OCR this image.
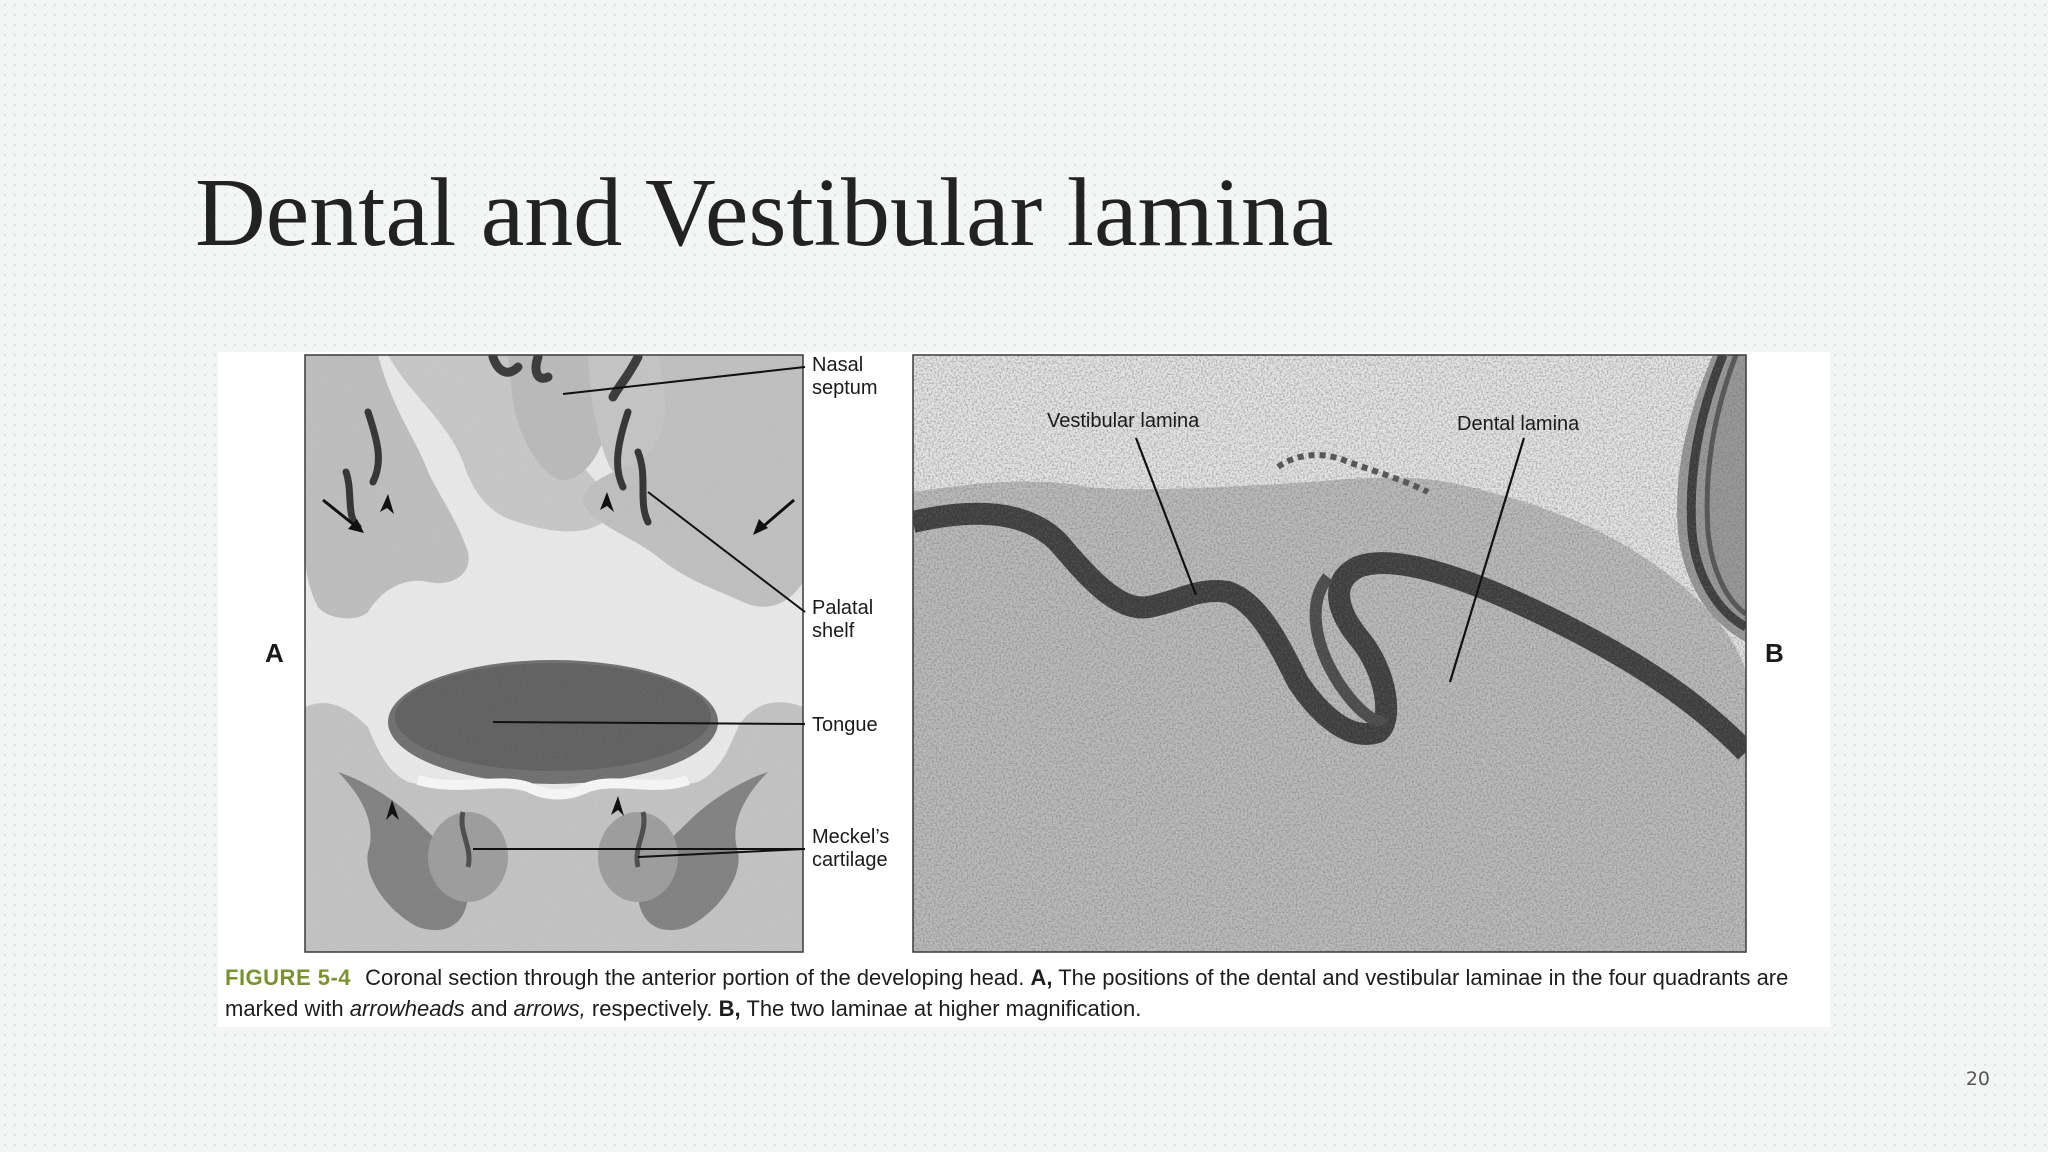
Dental and Vestibular lamina
Nasal
septum
Palatal
shelf
Tongue
Meckel’s
cartilage
A
Vestibular lamina	Dental lamina
B
FIGURE 5-4 Coronal section through the anterior portion of the developing head. A, The positions of the dental and vestibular laminae in the four quadrants are marked with arrowheads and arrows, respectively. B, The two laminae at higher magnification.
20
